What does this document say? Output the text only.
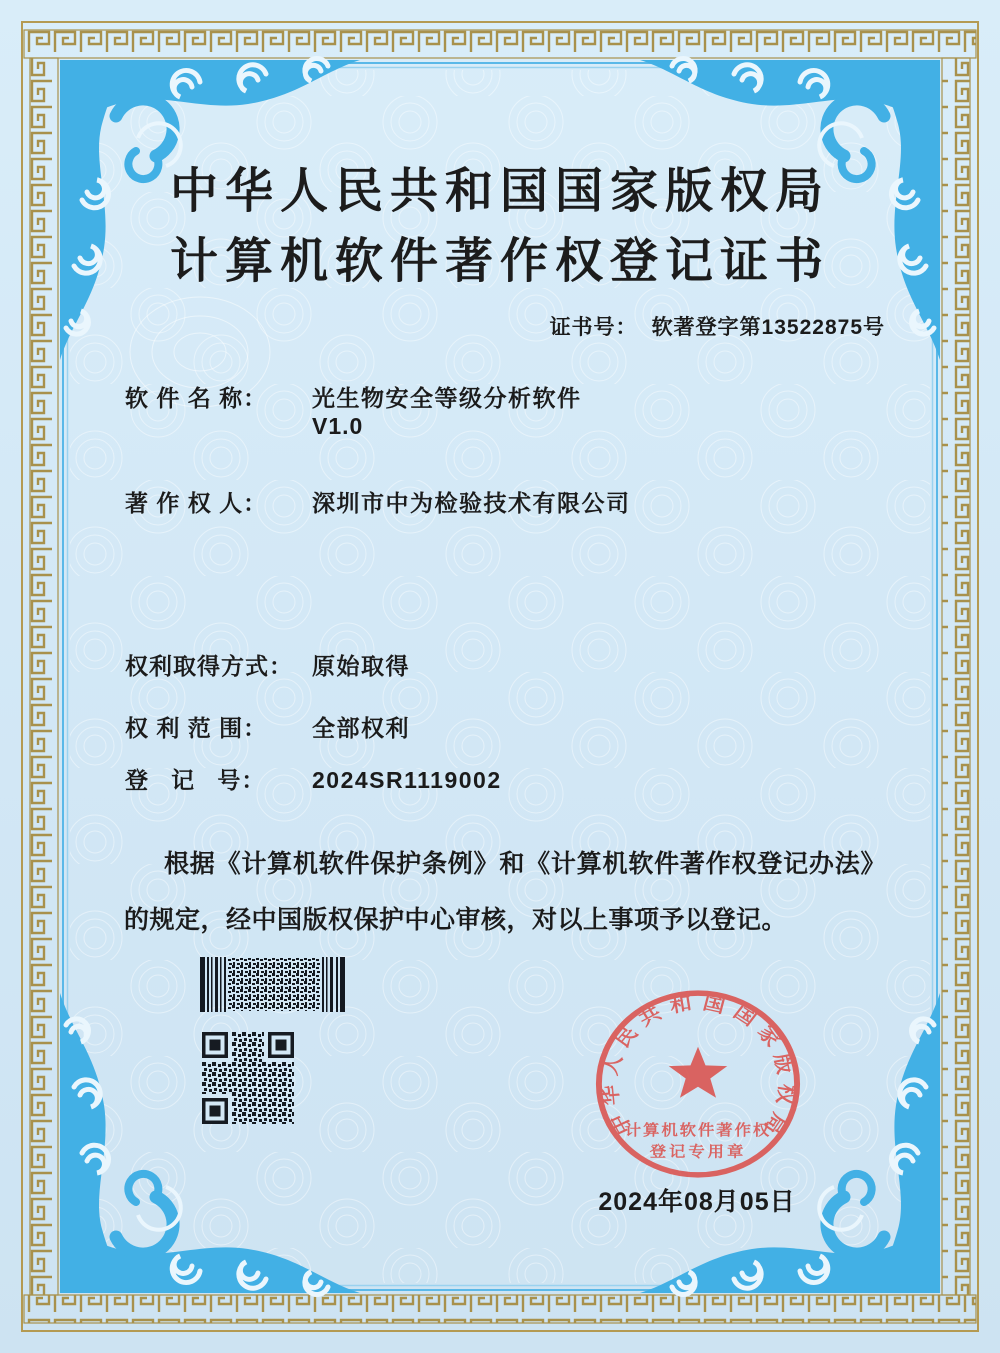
中华人民共和国国家版权局
计算机软件著作权登记证书
证书号： 软著登字第13522875号
软 件 名 称：	光生物安全等级分析软件
V1.0
著 作 权 人：	深圳市中为检验技术有限公司
权利取得方式： 原始取得
权 利 范 围：	全部权利
登   记   号：	2024SR1119002
根据《计算机软件保护条例》和《计算机软件著作权登记办法》的规定，经中国版权保护中心审核，对以上事项予以登记。
中华人民共和国国家版权局
计算机软件著作权
登记专用章
2024年08月05日
